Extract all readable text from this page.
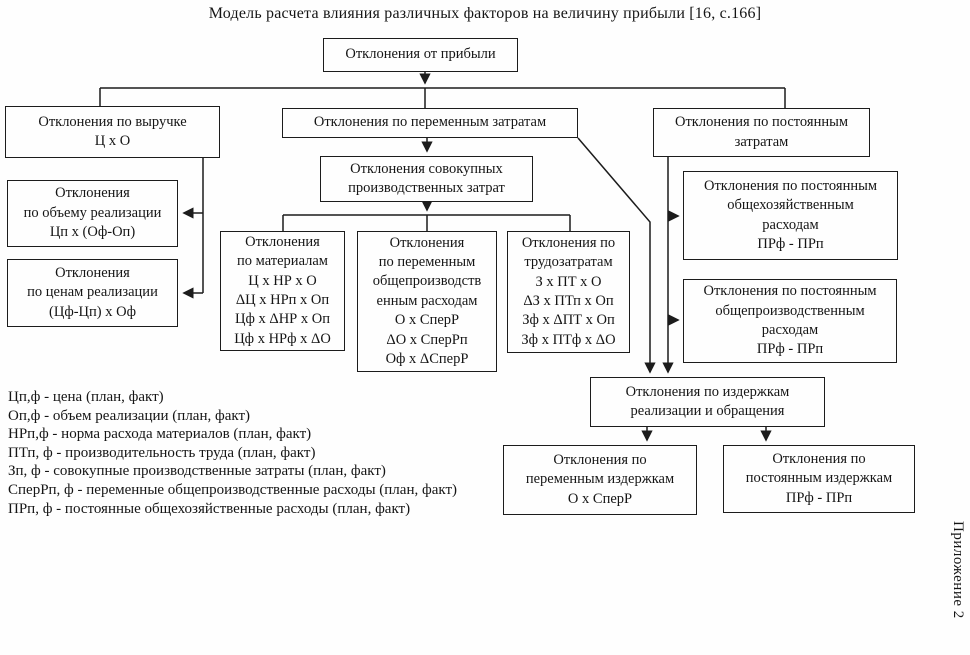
Модель расчета влияния различных факторов на величину прибыли [16, с.166]
Отклонения от прибыли
Отклонения по выручке
Ц х О
Отклонения
по объему реализации
Цп х (Оф-Оп)
Отклонения
по ценам реализации
(Цф-Цп) х Оф
Отклонения по переменным затратам
Отклонения совокупных
производственных затрат
Отклонения
по материалам
Ц х НР х О
ΔЦ х НРп х Оп
Цф х ΔНР х Оп
Цф х НРф х ΔО
Отклонения
по переменным
общепроизводств
енным расходам
О х СперР
ΔО х СперРп
Оф х ΔСперР
Отклонения по
трудозатратам
З х ПТ х О
ΔЗ х ПТп х Оп
Зф х ΔПТ х Оп
Зф х ПТф х ΔО
Отклонения по постоянным
затратам
Отклонения по постоянным
общехозяйственным
расходам
ПРф - ПРп
Отклонения по постоянным
общепроизводственным
расходам
ПРф - ПРп
Отклонения по издержкам
реализации и обращения
Отклонения по
переменным издержкам
О х СперР
Отклонения по
постоянным издержкам
ПРф - ПРп
Цп,ф - цена (план, факт)
Оп,ф - объем реализации (план, факт)
НРп,ф - норма расхода материалов (план, факт)
ПТп, ф - производительность труда (план, факт)
Зп, ф - совокупные производственные затраты (план, факт)
СперРп, ф - переменные общепроизводственные расходы (план, факт)
ПРп, ф - постоянные общехозяйственные расходы (план, факт)
Приложение 2
